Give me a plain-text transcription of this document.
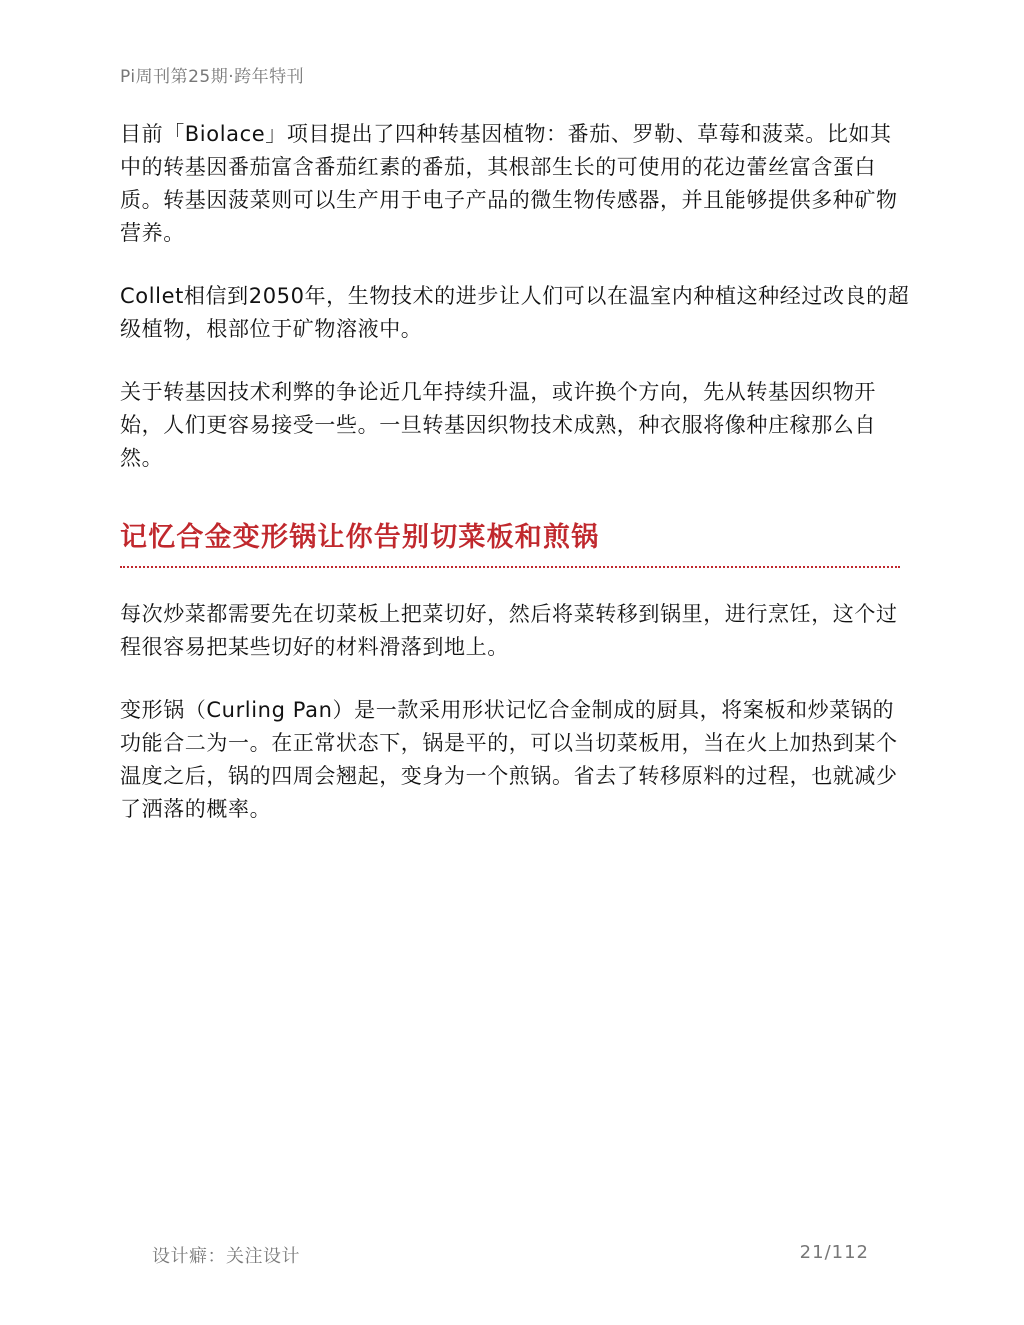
Pi周刊第25期·跨年特刊

目前「Biolace」项目提出了四种转基因植物：番茄、罗勒、草莓和菠菜。比如其中的转基因番茄富含番茄红素的番茄，其根部生长的可使用的花边蕾丝富含蛋白质。转基因菠菜则可以生产用于电子产品的微生物传感器，并且能够提供多种矿物营养。

Collet相信到2050年，生物技术的进步让人们可以在温室内种植这种经过改良的超级植物，根部位于矿物溶液中。

关于转基因技术利弊的争论近几年持续升温，或许换个方向，先从转基因织物开始，人们更容易接受一些。一旦转基因织物技术成熟，种衣服将像种庄稼那么自然。

记忆合金变形锅让你告别切菜板和煎锅

每次炒菜都需要先在切菜板上把菜切好，然后将菜转移到锅里，进行烹饪，这个过程很容易把某些切好的材料滑落到地上。

变形锅（Curling Pan）是一款采用形状记忆合金制成的厨具，将案板和炒菜锅的功能合二为一。在正常状态下，锅是平的，可以当切菜板用，当在火上加热到某个温度之后，锅的四周会翘起，变身为一个煎锅。省去了转移原料的过程，也就减少了洒落的概率。

设计癖：关注设计	21/112
